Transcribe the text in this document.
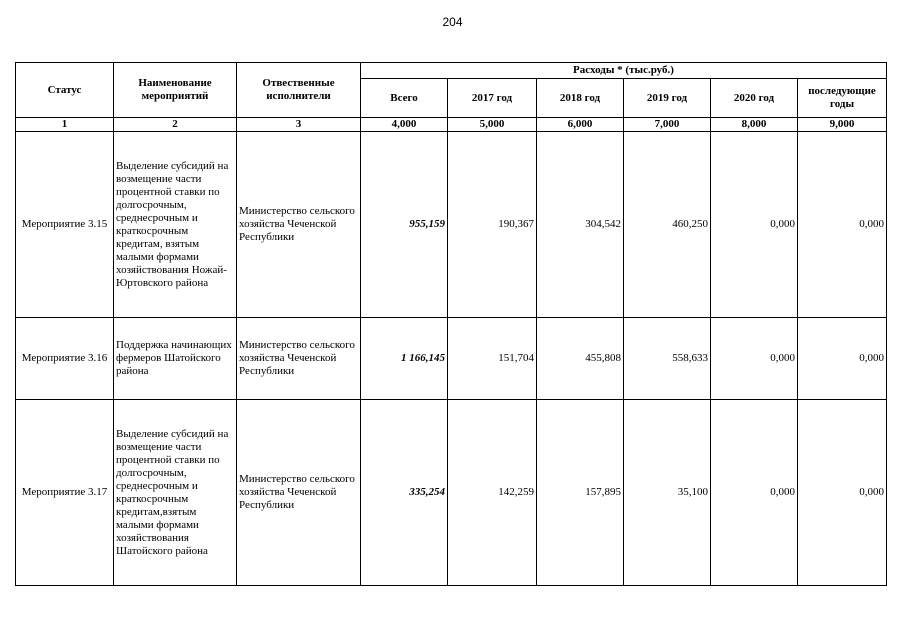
204
Статус	Наименование мероприятий	Отвественные исполнители	Расходы * (тыс.руб.)					
			Всего	2017 год	2018 год	2019 год	2020 год	последующие годы
1	2	3	4,000	5,000	6,000	7,000	8,000	9,000
Мероприятие 3.15	Выделение субсидий на возмещение части процентной ставки по долгосрочным, среднесрочным и краткосрочным кредитам, взятым малыми формами хозяйствования Ножай-Юртовского района	Министерство сельского хозяйства Чеченской Республики	955,159	190,367	304,542	460,250	0,000	0,000
Мероприятие 3.16	Поддержка начинающих фермеров Шатойского района	Министерство сельского хозяйства Чеченской Республики	1 166,145	151,704	455,808	558,633	0,000	0,000
Мероприятие 3.17	Выделение субсидий на возмещение части процентной ставки по долгосрочным, среднесрочным и краткосрочным кредитам,взятым малыми формами хозяйствования Шатойского района	Министерство сельского хозяйства Чеченской Республики	335,254	142,259	157,895	35,100	0,000	0,000
